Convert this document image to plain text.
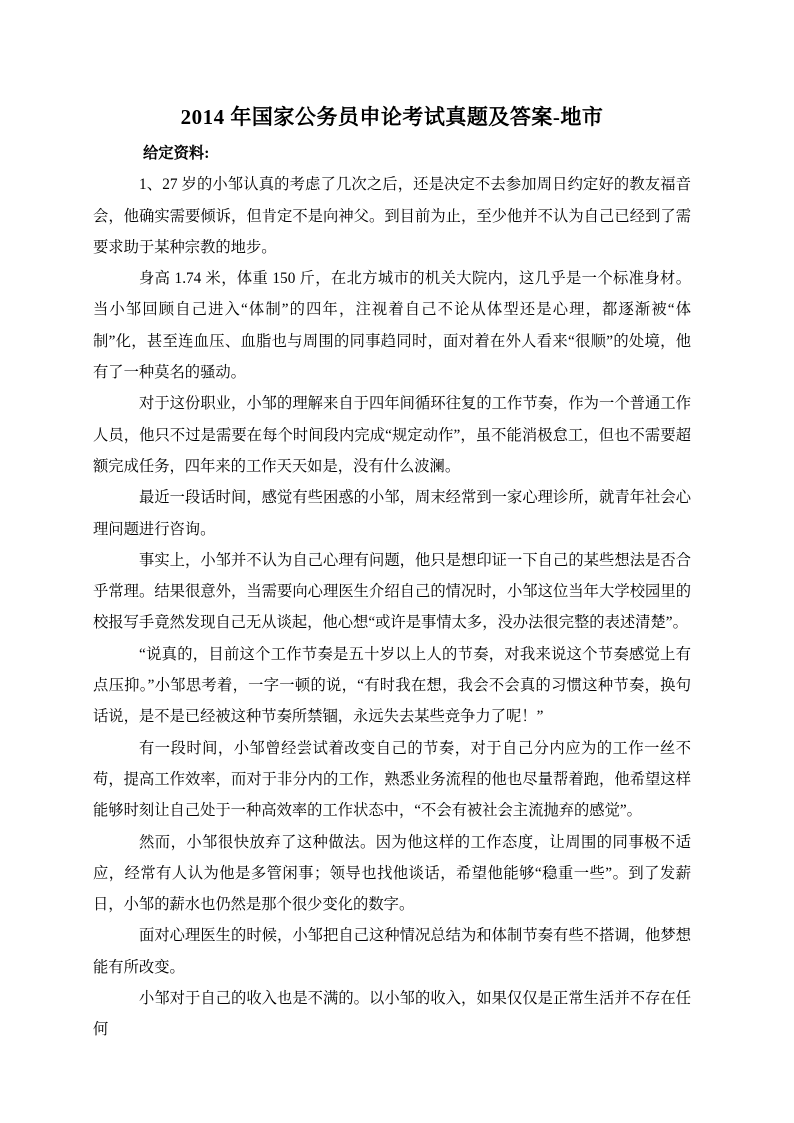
2014 年国家公务员申论考试真题及答案-地市

给定资料:

1、27 岁的小邹认真的考虑了几次之后，还是决定不去参加周日约定好的教友福音会，他确实需要倾诉，但肯定不是向神父。到目前为止，至少他并不认为自己已经到了需要求助于某种宗教的地步。

身高 1.74 米，体重 150 斤，在北方城市的机关大院内，这几乎是一个标准身材。当小邹回顾自己进入“体制”的四年，注视着自己不论从体型还是心理，都逐渐被“体制”化，甚至连血压、血脂也与周围的同事趋同时，面对着在外人看来“很顺”的处境，他有了一种莫名的骚动。

对于这份职业，小邹的理解来自于四年间循环往复的工作节奏，作为一个普通工作人员，他只不过是需要在每个时间段内完成“规定动作”，虽不能消极怠工，但也不需要超额完成任务，四年来的工作天天如是，没有什么波澜。

最近一段话时间，感觉有些困惑的小邹，周末经常到一家心理诊所，就青年社会心理问题进行咨询。

事实上，小邹并不认为自己心理有问题，他只是想印证一下自己的某些想法是否合乎常理。结果很意外，当需要向心理医生介绍自己的情况时，小邹这位当年大学校园里的校报写手竟然发现自己无从谈起，他心想“或许是事情太多，没办法很完整的表述清楚”。

“说真的，目前这个工作节奏是五十岁以上人的节奏，对我来说这个节奏感觉上有点压抑。”小邹思考着，一字一顿的说，“有时我在想，我会不会真的习惯这种节奏，换句话说，是不是已经被这种节奏所禁锢，永远失去某些竞争力了呢！”

有一段时间，小邹曾经尝试着改变自己的节奏，对于自己分内应为的工作一丝不苟，提高工作效率，而对于非分内的工作，熟悉业务流程的他也尽量帮着跑，他希望这样能够时刻让自己处于一种高效率的工作状态中，“不会有被社会主流抛弃的感觉”。

然而，小邹很快放弃了这种做法。因为他这样的工作态度，让周围的同事极不适应，经常有人认为他是多管闲事；领导也找他谈话，希望他能够“稳重一些”。到了发薪日，小邹的薪水也仍然是那个很少变化的数字。

面对心理医生的时候，小邹把自己这种情况总结为和体制节奏有些不搭调，他梦想能有所改变。

小邹对于自己的收入也是不满的。以小邹的收入，如果仅仅是正常生活并不存在任何
